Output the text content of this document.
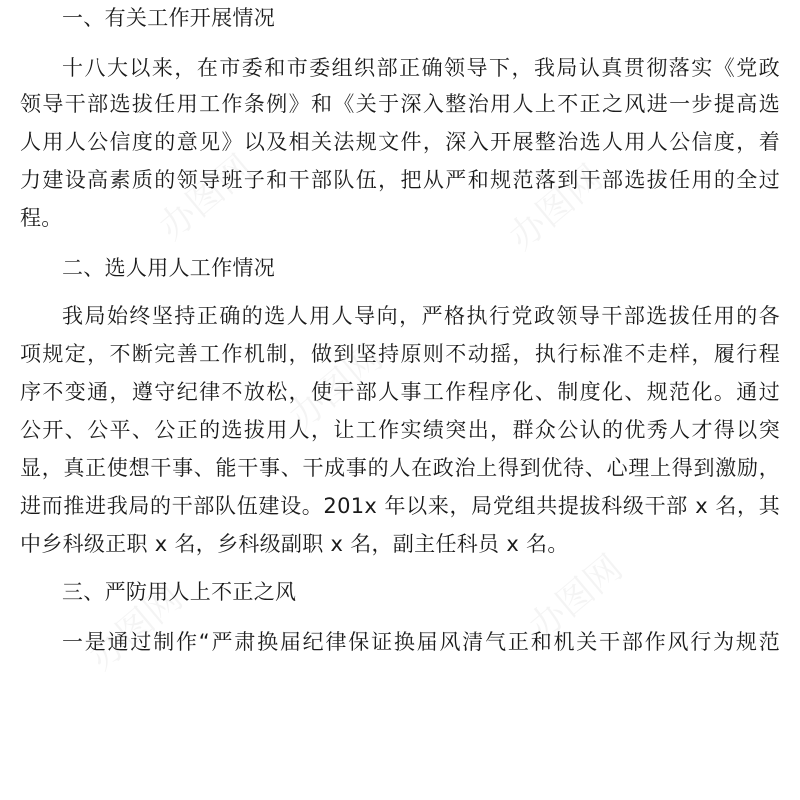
一、有关工作开展情况
十八大以来，在市委和市委组织部正确领导下，我局认真贯彻落实《党政
领导干部选拔任用工作条例》和《关于深入整治用人上不正之风进一步提高选
人用人公信度的意见》以及相关法规文件，深入开展整治选人用人公信度，着
力建设高素质的领导班子和干部队伍，把从严和规范落到干部选拔任用的全过
程。
二、选人用人工作情况
我局始终坚持正确的选人用人导向，严格执行党政领导干部选拔任用的各
项规定，不断完善工作机制，做到坚持原则不动摇，执行标准不走样，履行程
序不变通，遵守纪律不放松，使干部人事工作程序化、制度化、规范化。通过
公开、公平、公正的选拔用人，让工作实绩突出，群众公认的优秀人才得以突
显，真正使想干事、能干事、干成事的人在政治上得到优待、心理上得到激励，
进而推进我局的干部队伍建设。201x 年以来，局党组共提拔科级干部 x 名，其
中乡科级正职 x 名，乡科级副职 x 名，副主任科员 x 名。
三、严防用人上不正之风
一是通过制作“严肃换届纪律保证换届风清气正和机关干部作风行为规范
